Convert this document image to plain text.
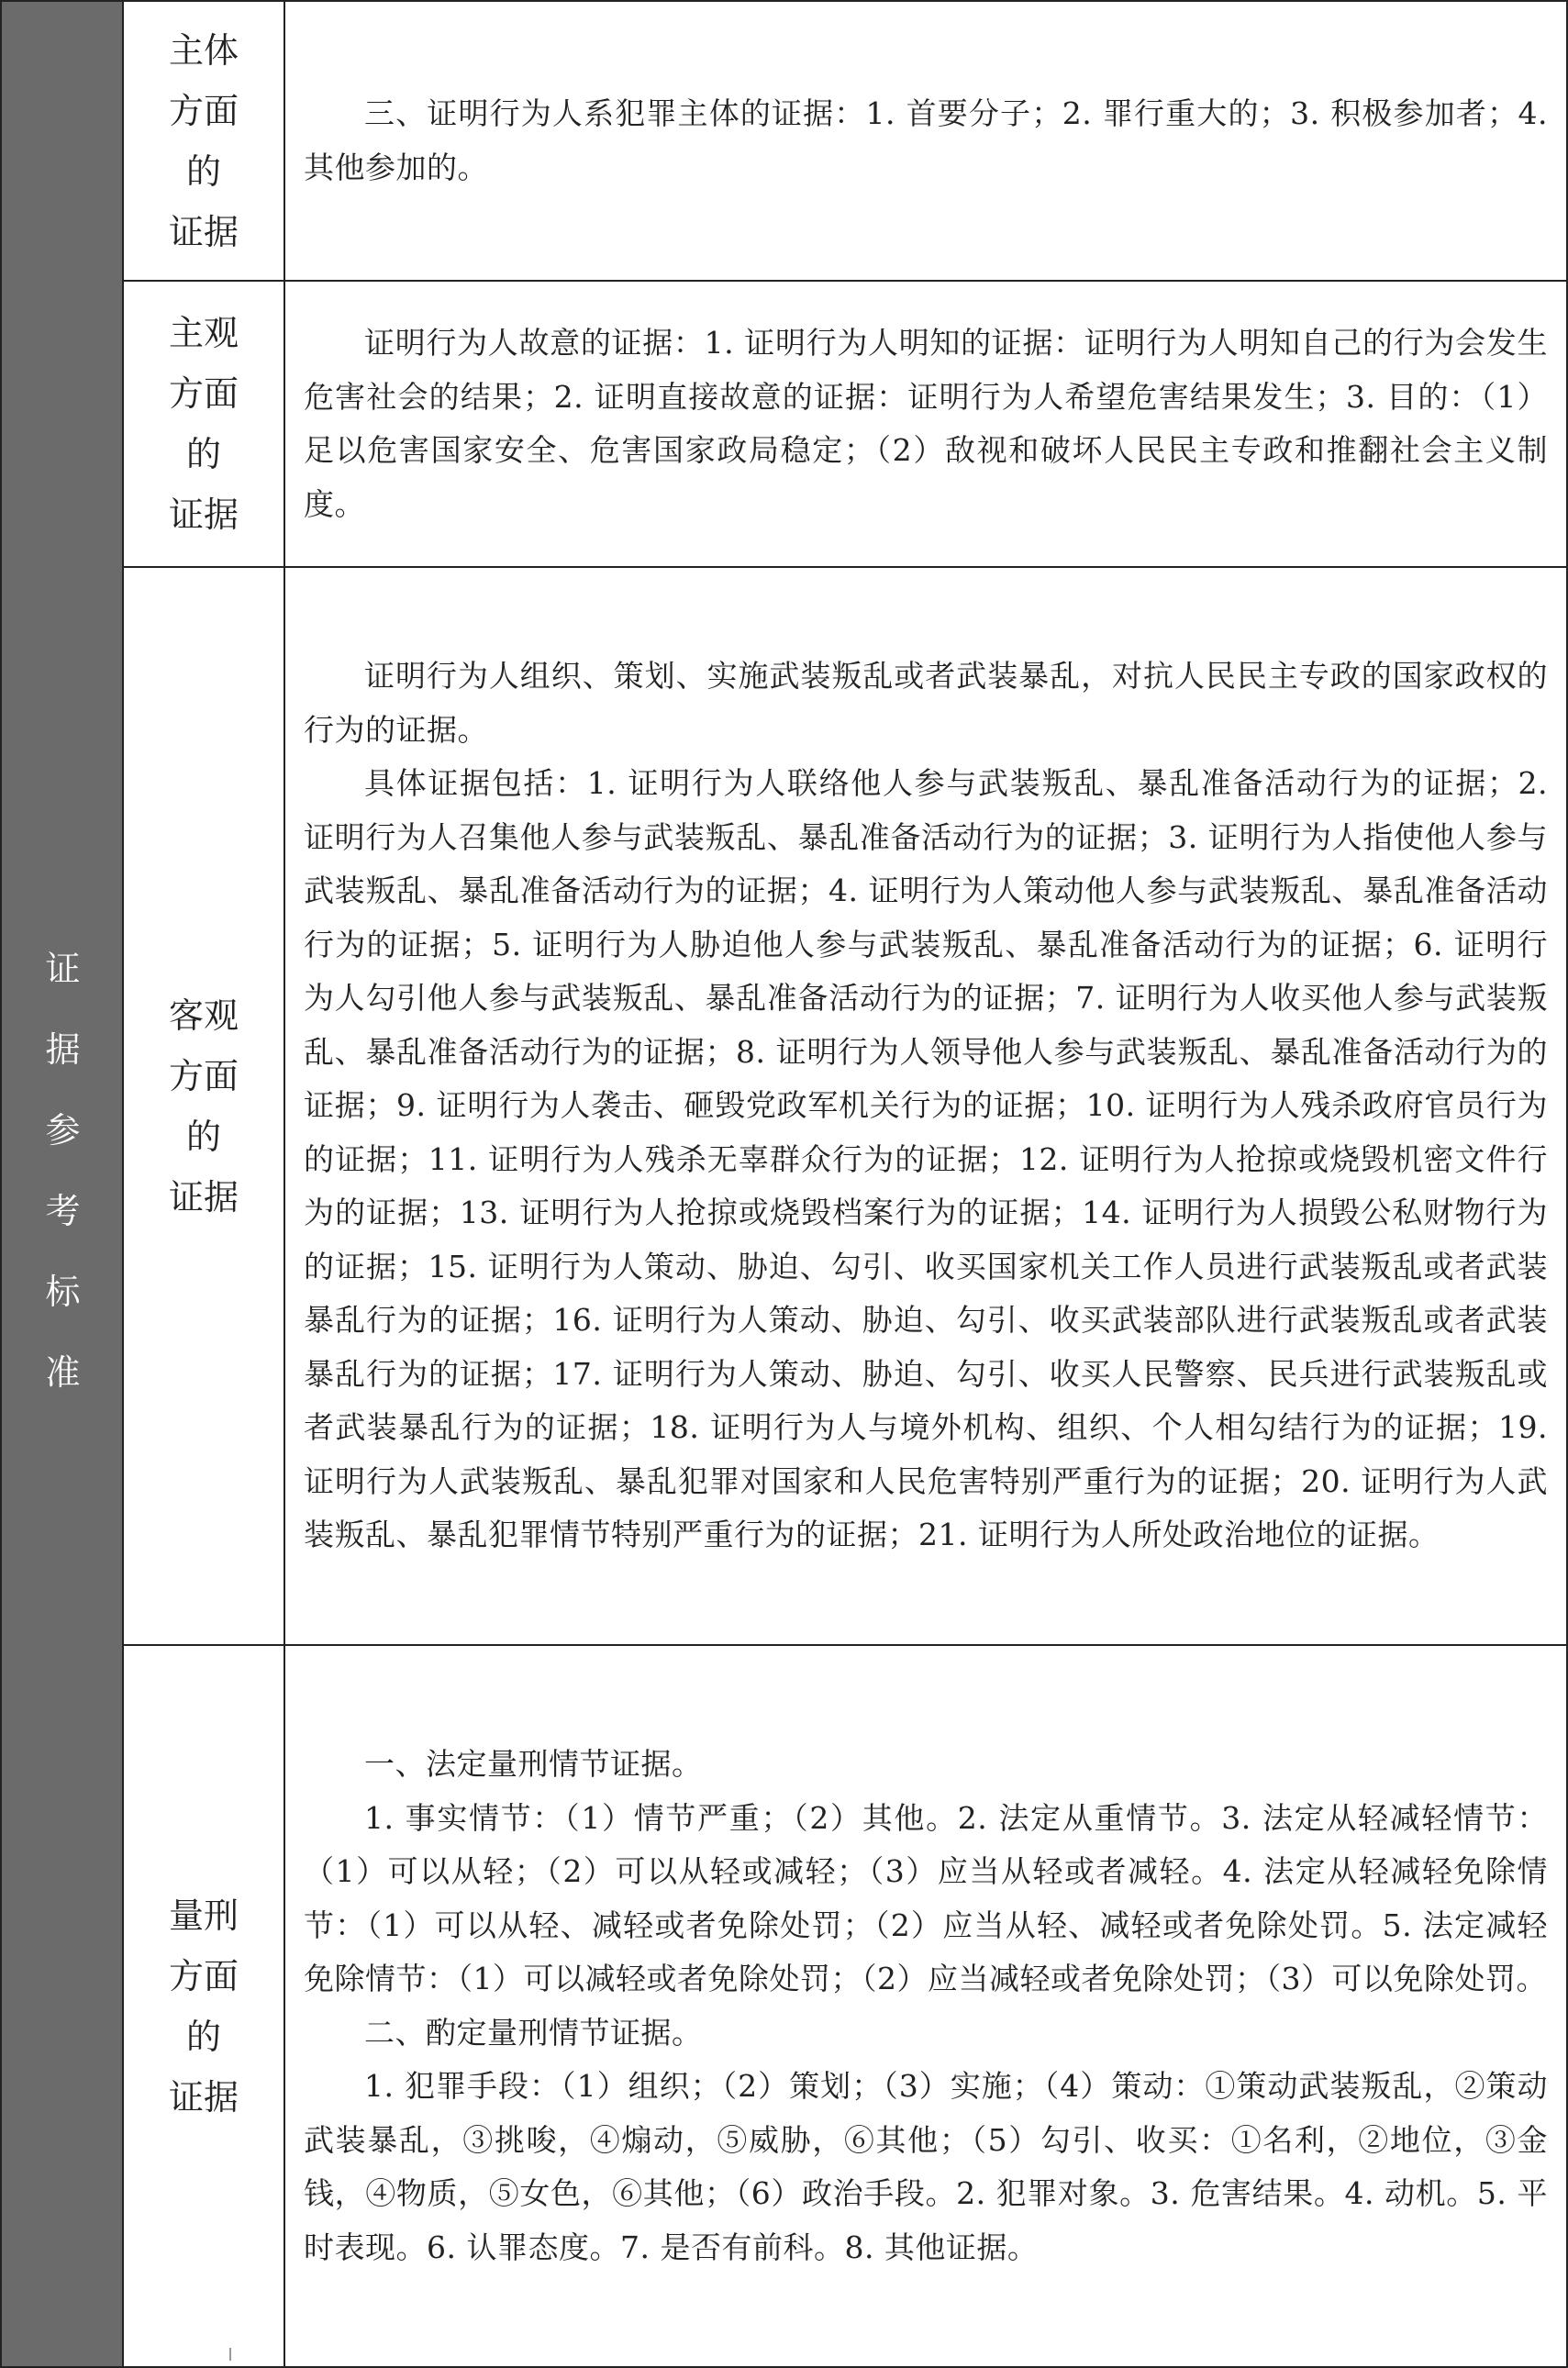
证
据
参
考
标
准
主体
方面
的
证据

三、证明行为人系犯罪主体的证据：1. 首要分子；2. 罪行重大的；3. 积极参加者；4. 其他参加的。

主观
方面
的
证据

证明行为人故意的证据：1. 证明行为人明知的证据：证明行为人明知自己的行为会发生危害社会的结果；2. 证明直接故意的证据：证明行为人希望危害结果发生；3. 目的：（1）足以危害国家安全、危害国家政局稳定；（2）敌视和破坏人民民主专政和推翻社会主义制度。

客观
方面
的
证据

证明行为人组织、策划、实施武装叛乱或者武装暴乱，对抗人民民主专政的国家政权的行为的证据。

具体证据包括：1. 证明行为人联络他人参与武装叛乱、暴乱准备活动行为的证据；2. 证明行为人召集他人参与武装叛乱、暴乱准备活动行为的证据；3. 证明行为人指使他人参与武装叛乱、暴乱准备活动行为的证据；4. 证明行为人策动他人参与武装叛乱、暴乱准备活动行为的证据；5. 证明行为人胁迫他人参与武装叛乱、暴乱准备活动行为的证据；6. 证明行为人勾引他人参与武装叛乱、暴乱准备活动行为的证据；7. 证明行为人收买他人参与武装叛乱、暴乱准备活动行为的证据；8. 证明行为人领导他人参与武装叛乱、暴乱准备活动行为的证据；9. 证明行为人袭击、砸毁党政军机关行为的证据；10. 证明行为人残杀政府官员行为的证据；11. 证明行为人残杀无辜群众行为的证据；12. 证明行为人抢掠或烧毁机密文件行为的证据；13. 证明行为人抢掠或烧毁档案行为的证据；14. 证明行为人损毁公私财物行为的证据；15. 证明行为人策动、胁迫、勾引、收买国家机关工作人员进行武装叛乱或者武装暴乱行为的证据；16. 证明行为人策动、胁迫、勾引、收买武装部队进行武装叛乱或者武装暴乱行为的证据；17. 证明行为人策动、胁迫、勾引、收买人民警察、民兵进行武装叛乱或者武装暴乱行为的证据；18. 证明行为人与境外机构、组织、个人相勾结行为的证据；19. 证明行为人武装叛乱、暴乱犯罪对国家和人民危害特别严重行为的证据；20. 证明行为人武装叛乱、暴乱犯罪情节特别严重行为的证据；21. 证明行为人所处政治地位的证据。

量刑
方面
的
证据

一、法定量刑情节证据。

1. 事实情节：（1）情节严重；（2）其他。2. 法定从重情节。3. 法定从轻减轻情节：（1）可以从轻；（2）可以从轻或减轻；（3）应当从轻或者减轻。4. 法定从轻减轻免除情节：（1）可以从轻、减轻或者免除处罚；（2）应当从轻、减轻或者免除处罚。5. 法定减轻免除情节：（1）可以减轻或者免除处罚；（2）应当减轻或者免除处罚；（3）可以免除处罚。

二、酌定量刑情节证据。

1. 犯罪手段：（1）组织；（2）策划；（3）实施；（4）策动：①策动武装叛乱，②策动武装暴乱，③挑唆，④煽动，⑤威胁，⑥其他；（5）勾引、收买：①名利，②地位，③金钱，④物质，⑤女色，⑥其他；（6）政治手段。2. 犯罪对象。3. 危害结果。4. 动机。5. 平时表现。6. 认罪态度。7. 是否有前科。8. 其他证据。
